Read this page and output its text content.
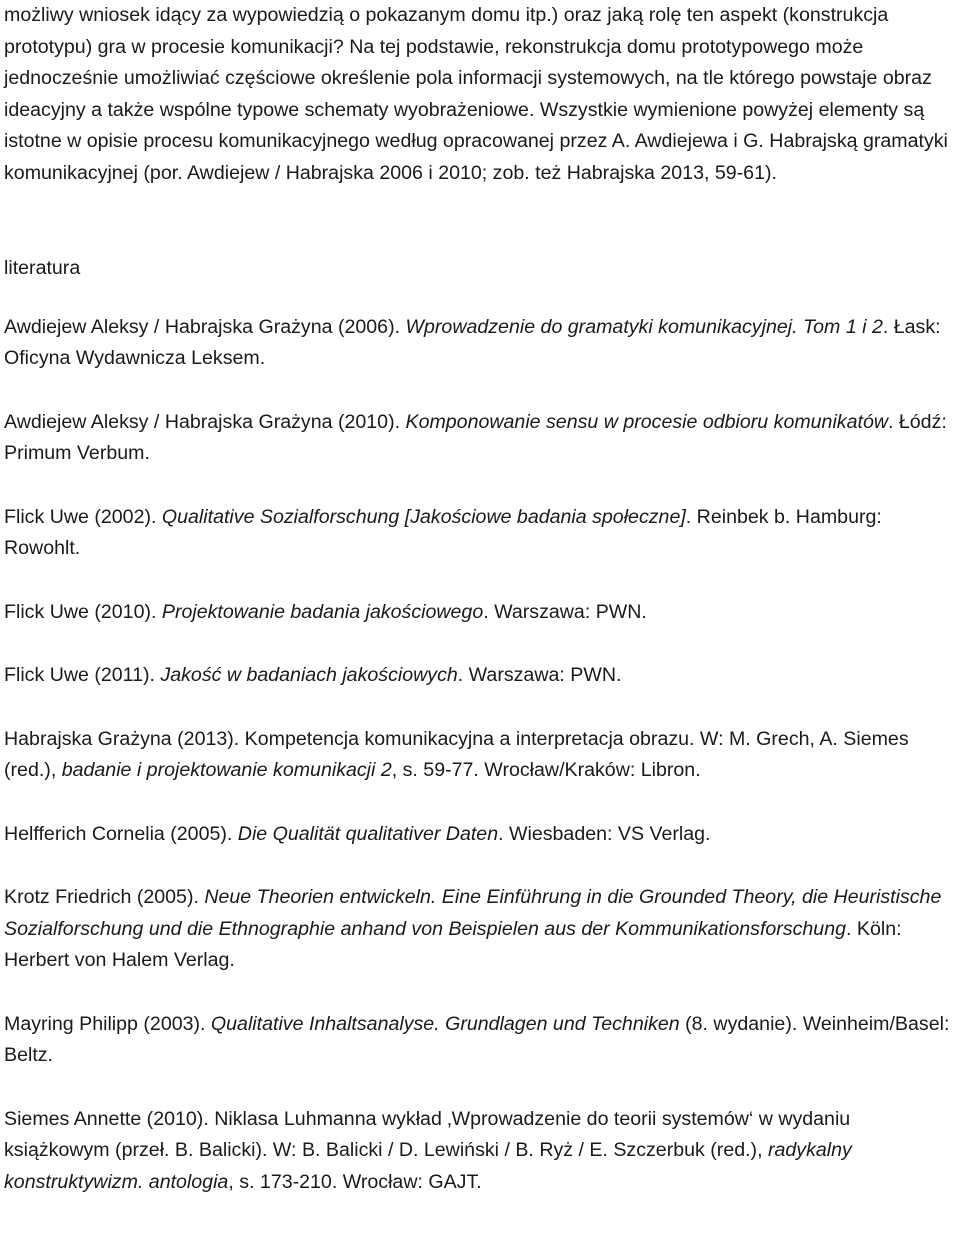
możliwy wniosek idący za wypowiedzią o pokazanym domu itp.) oraz jaką rolę ten aspekt (konstrukcja prototypu) gra w procesie komunikacji? Na tej podstawie, rekonstrukcja domu prototypowego może jednocześnie umożliwiać częściowe określenie pola informacji systemowych, na tle którego powstaje obraz ideacyjny a także wspólne typowe schematy wyobrażeniowe. Wszystkie wymienione powyżej elementy są istotne w opisie procesu komunikacyjnego według opracowanej przez A. Awdiejewa i G. Habrajską gramatyki komunikacyjnej (por. Awdiejew / Habrajska 2006 i 2010; zob. też Habrajska 2013, 59-61).

literatura

Awdiejew Aleksy / Habrajska Grażyna (2006). Wprowadzenie do gramatyki komunikacyjnej. Tom 1 i 2. Łask: Oficyna Wydawnicza Leksem.

Awdiejew Aleksy / Habrajska Grażyna (2010). Komponowanie sensu w procesie odbioru komunikatów. Łódź: Primum Verbum.

Flick Uwe (2002). Qualitative Sozialforschung [Jakościowe badania społeczne]. Reinbek b. Hamburg: Rowohlt.

Flick Uwe (2010). Projektowanie badania jakościowego. Warszawa: PWN.

Flick Uwe (2011). Jakość w badaniach jakościowych. Warszawa: PWN.

Habrajska Grażyna (2013). Kompetencja komunikacyjna a interpretacja obrazu. W: M. Grech, A. Siemes (red.), badanie i projektowanie komunikacji 2, s. 59-77. Wrocław/Kraków: Libron.

Helfferich Cornelia (2005). Die Qualität qualitativer Daten. Wiesbaden: VS Verlag.

Krotz Friedrich (2005). Neue Theorien entwickeln. Eine Einführung in die Grounded Theory, die Heuristische Sozialforschung und die Ethnographie anhand von Beispielen aus der Kommunikationsforschung. Köln: Herbert von Halem Verlag.

Mayring Philipp (2003). Qualitative Inhaltsanalyse. Grundlagen und Techniken (8. wydanie). Weinheim/Basel: Beltz.

Siemes Annette (2010). Niklasa Luhmanna wykład ‚Wprowadzenie do teorii systemów‘ w wydaniu książkowym (przeł. B. Balicki). W: B. Balicki / D. Lewiński / B. Ryż / E. Szczerbuk (red.), radykalny konstruktywizm. antologia, s. 173-210. Wrocław: GAJT.
